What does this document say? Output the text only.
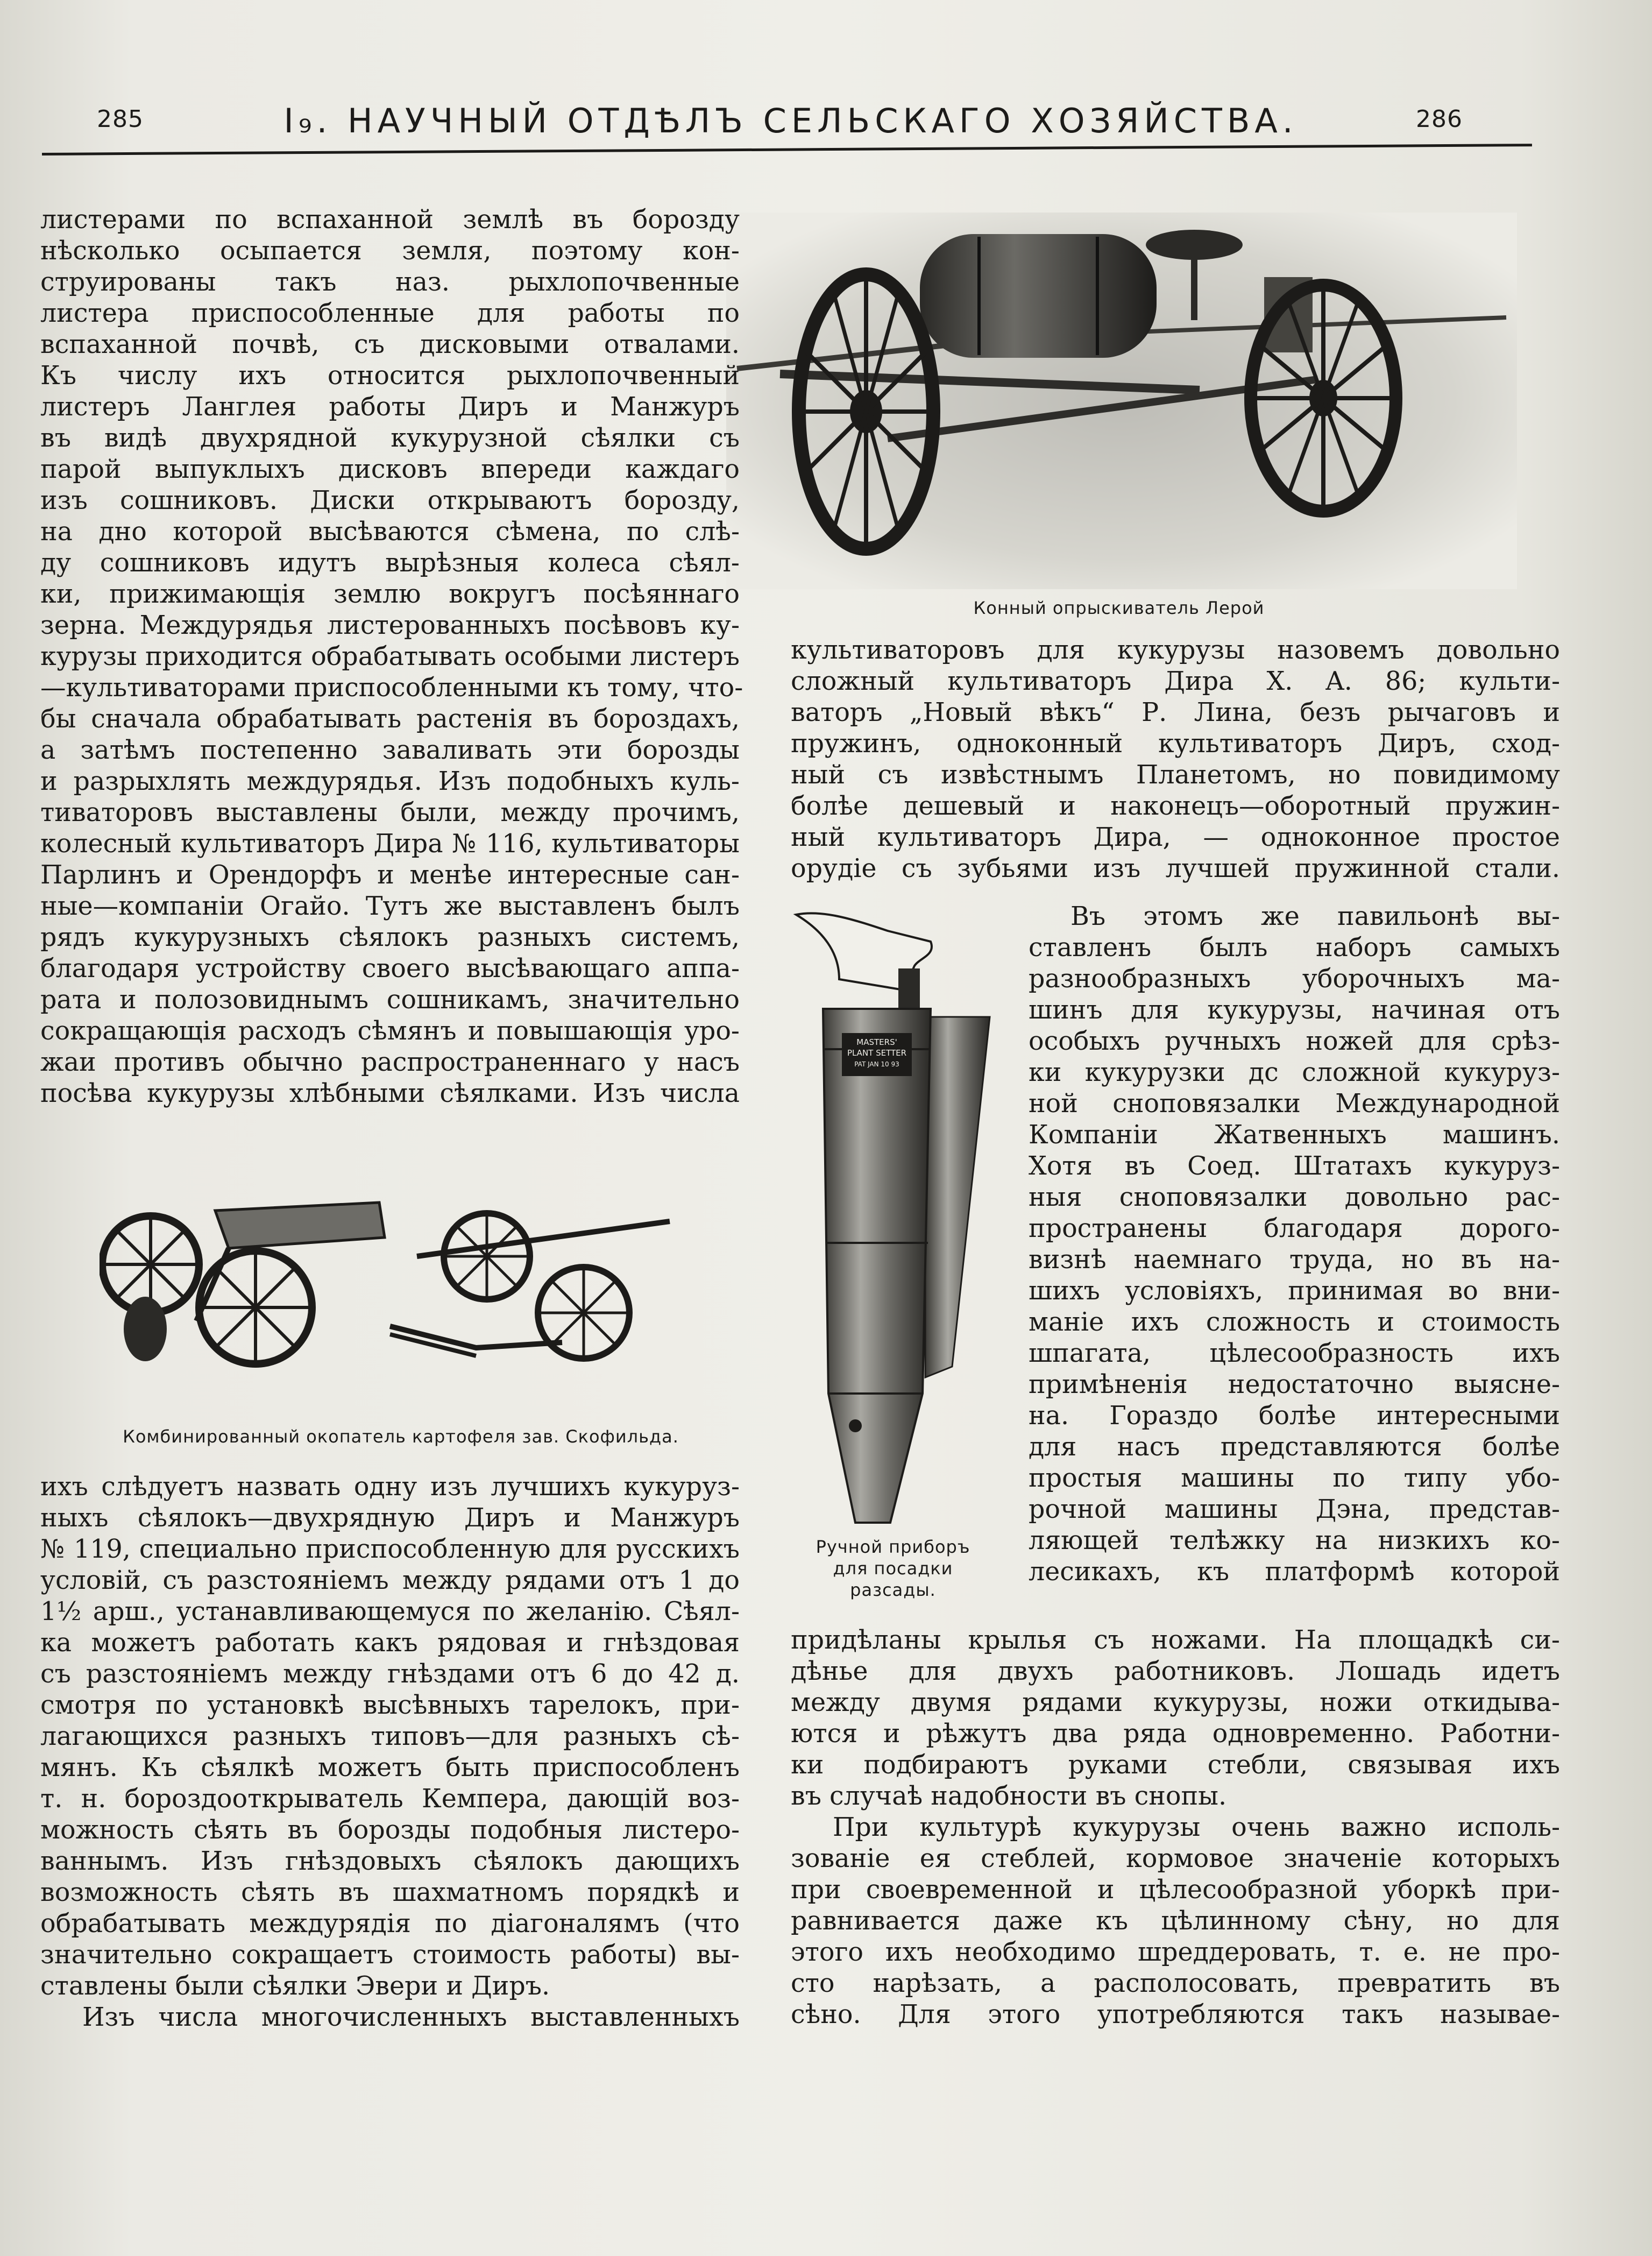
285	I₉. НАУЧНЫЙ ОТДѢЛЪ СЕЛЬСКАГО ХОЗЯЙСТВА.	286
Конный опрыскиватель Лерой
листерами по вспаханной землѣ въ борозду
нѣсколько осыпается земля, поэтому кон-
струированы такъ наз. рыхлопочвенные
листера приспособленные для работы по
вспаханной почвѣ, съ дисковыми отвалами.
Къ числу ихъ относится рыхлопочвенный
листеръ Ланглея работы Диръ и Манжуръ
въ видѣ двухрядной кукурузной сѣялки съ
парой выпуклыхъ дисковъ впереди каждаго
изъ сошниковъ. Диски открываютъ борозду,
на дно которой высѣваются сѣмена, по слѣ-
ду сошниковъ идутъ вырѣзныя колеса сѣял-
ки, прижимающія землю вокругъ посѣяннаго
зерна. Междурядья листерованныхъ посѣвовъ ку-
курузы приходится обрабатывать особыми листеръ
—культиваторами приспособленными къ тому, что-
бы сначала обрабатывать растенія въ бороздахъ,
а затѣмъ постепенно заваливать эти борозды
и разрыхлять междурядья. Изъ подобныхъ куль-
тиваторовъ выставлены были, между прочимъ,
колесный культиваторъ Дира № 116, культиваторы
Парлинъ и Орендорфъ и менѣе интересные сан-
ные—компаніи Огайо. Тутъ же выставленъ былъ
рядъ кукурузныхъ сѣялокъ разныхъ системъ,
благодаря устройству своего высѣвающаго аппа-
рата и полозовиднымъ сошникамъ, значительно
сокращающія расходъ сѣмянъ и повышающія уро-
жаи противъ обычно распространеннаго у насъ
посѣва кукурузы хлѣбными сѣялками. Изъ числа
Комбинированный окопатель картофеля зав. Скофильда.
ихъ слѣдуетъ назвать одну изъ лучшихъ кукуруз-
ныхъ сѣялокъ—двухрядную Диръ и Манжуръ
№ 119, специально приспособленную для русскихъ
условій, съ разстояніемъ между рядами отъ 1 до
1½ арш., устанавливающемуся по желанію. Сѣял-
ка можетъ работать какъ рядовая и гнѣздовая
съ разстояніемъ между гнѣздами отъ 6 до 42 д.
смотря по установкѣ высѣвныхъ тарелокъ, при-
лагающихся разныхъ типовъ—для разныхъ сѣ-
мянъ. Къ сѣялкѣ можетъ быть приспособленъ
т. н. бороздооткрыватель Кемпера, дающій воз-
можность сѣять въ борозды подобныя листеро-
ваннымъ. Изъ гнѣздовыхъ сѣялокъ дающихъ
возможность сѣять въ шахматномъ порядкѣ и
обрабатывать междурядія по діагоналямъ (что
значительно сокращаетъ стоимость работы) вы-
ставлены были сѣялки Эвери и Диръ.
Изъ числа многочисленныхъ выставленныхъ
культиваторовъ для кукурузы назовемъ довольно
сложный культиваторъ Дира X. A. 86; культи-
ваторъ „Новый вѣкъ“ Р. Лина, безъ рычаговъ и
пружинъ, одноконный культиваторъ Диръ, сход-
ный съ извѣстнымъ Планетомъ, но повидимому
болѣе дешевый и наконецъ—оборотный пружин-
ный культиваторъ Дира, — одноконное простое
орудіе съ зубьями изъ лучшей пружинной стали.
MASTERS'
PLANT SETTER
PAT JAN 10 93
Ручной приборъ
для посадки
разсады.
Въ этомъ же павильонѣ вы-
ставленъ былъ наборъ самыхъ
разнообразныхъ уборочныхъ ма-
шинъ для кукурузы, начиная отъ
особыхъ ручныхъ ножей для срѣз-
ки кукурузки дс сложной кукуруз-
ной сноповязалки Международной
Компаніи Жатвенныхъ машинъ.
Хотя въ Соед. Штатахъ кукуруз-
ныя сноповязалки довольно рас-
пространены благодаря дорого-
визнѣ наемнаго труда, но въ на-
шихъ условіяхъ, принимая во вни-
маніе ихъ сложность и стоимость
шпагата, цѣлесообразность ихъ
примѣненія недостаточно выясне-
на. Гораздо болѣе интересными
для насъ представляются болѣе
простыя машины по типу убо-
рочной машины Дэна, представ-
ляющей телѣжку на низкихъ ко-
лесикахъ, къ платформѣ которой
придѣланы крылья съ ножами. На площадкѣ си-
дѣнье для двухъ работниковъ. Лошадь идетъ
между двумя рядами кукурузы, ножи откидыва-
ются и рѣжутъ два ряда одновременно. Работни-
ки подбираютъ руками стебли, связывая ихъ
въ случаѣ надобности въ снопы.
При культурѣ кукурузы очень важно исполь-
зованіе ея стеблей, кормовое значеніе которыхъ
при своевременной и цѣлесообразной уборкѣ при-
равнивается даже къ цѣлинному сѣну, но для
этого ихъ необходимо шреддеровать, т. е. не про-
сто нарѣзать, а располосовать, превратить въ
сѣно. Для этого употребляются такъ называе-
